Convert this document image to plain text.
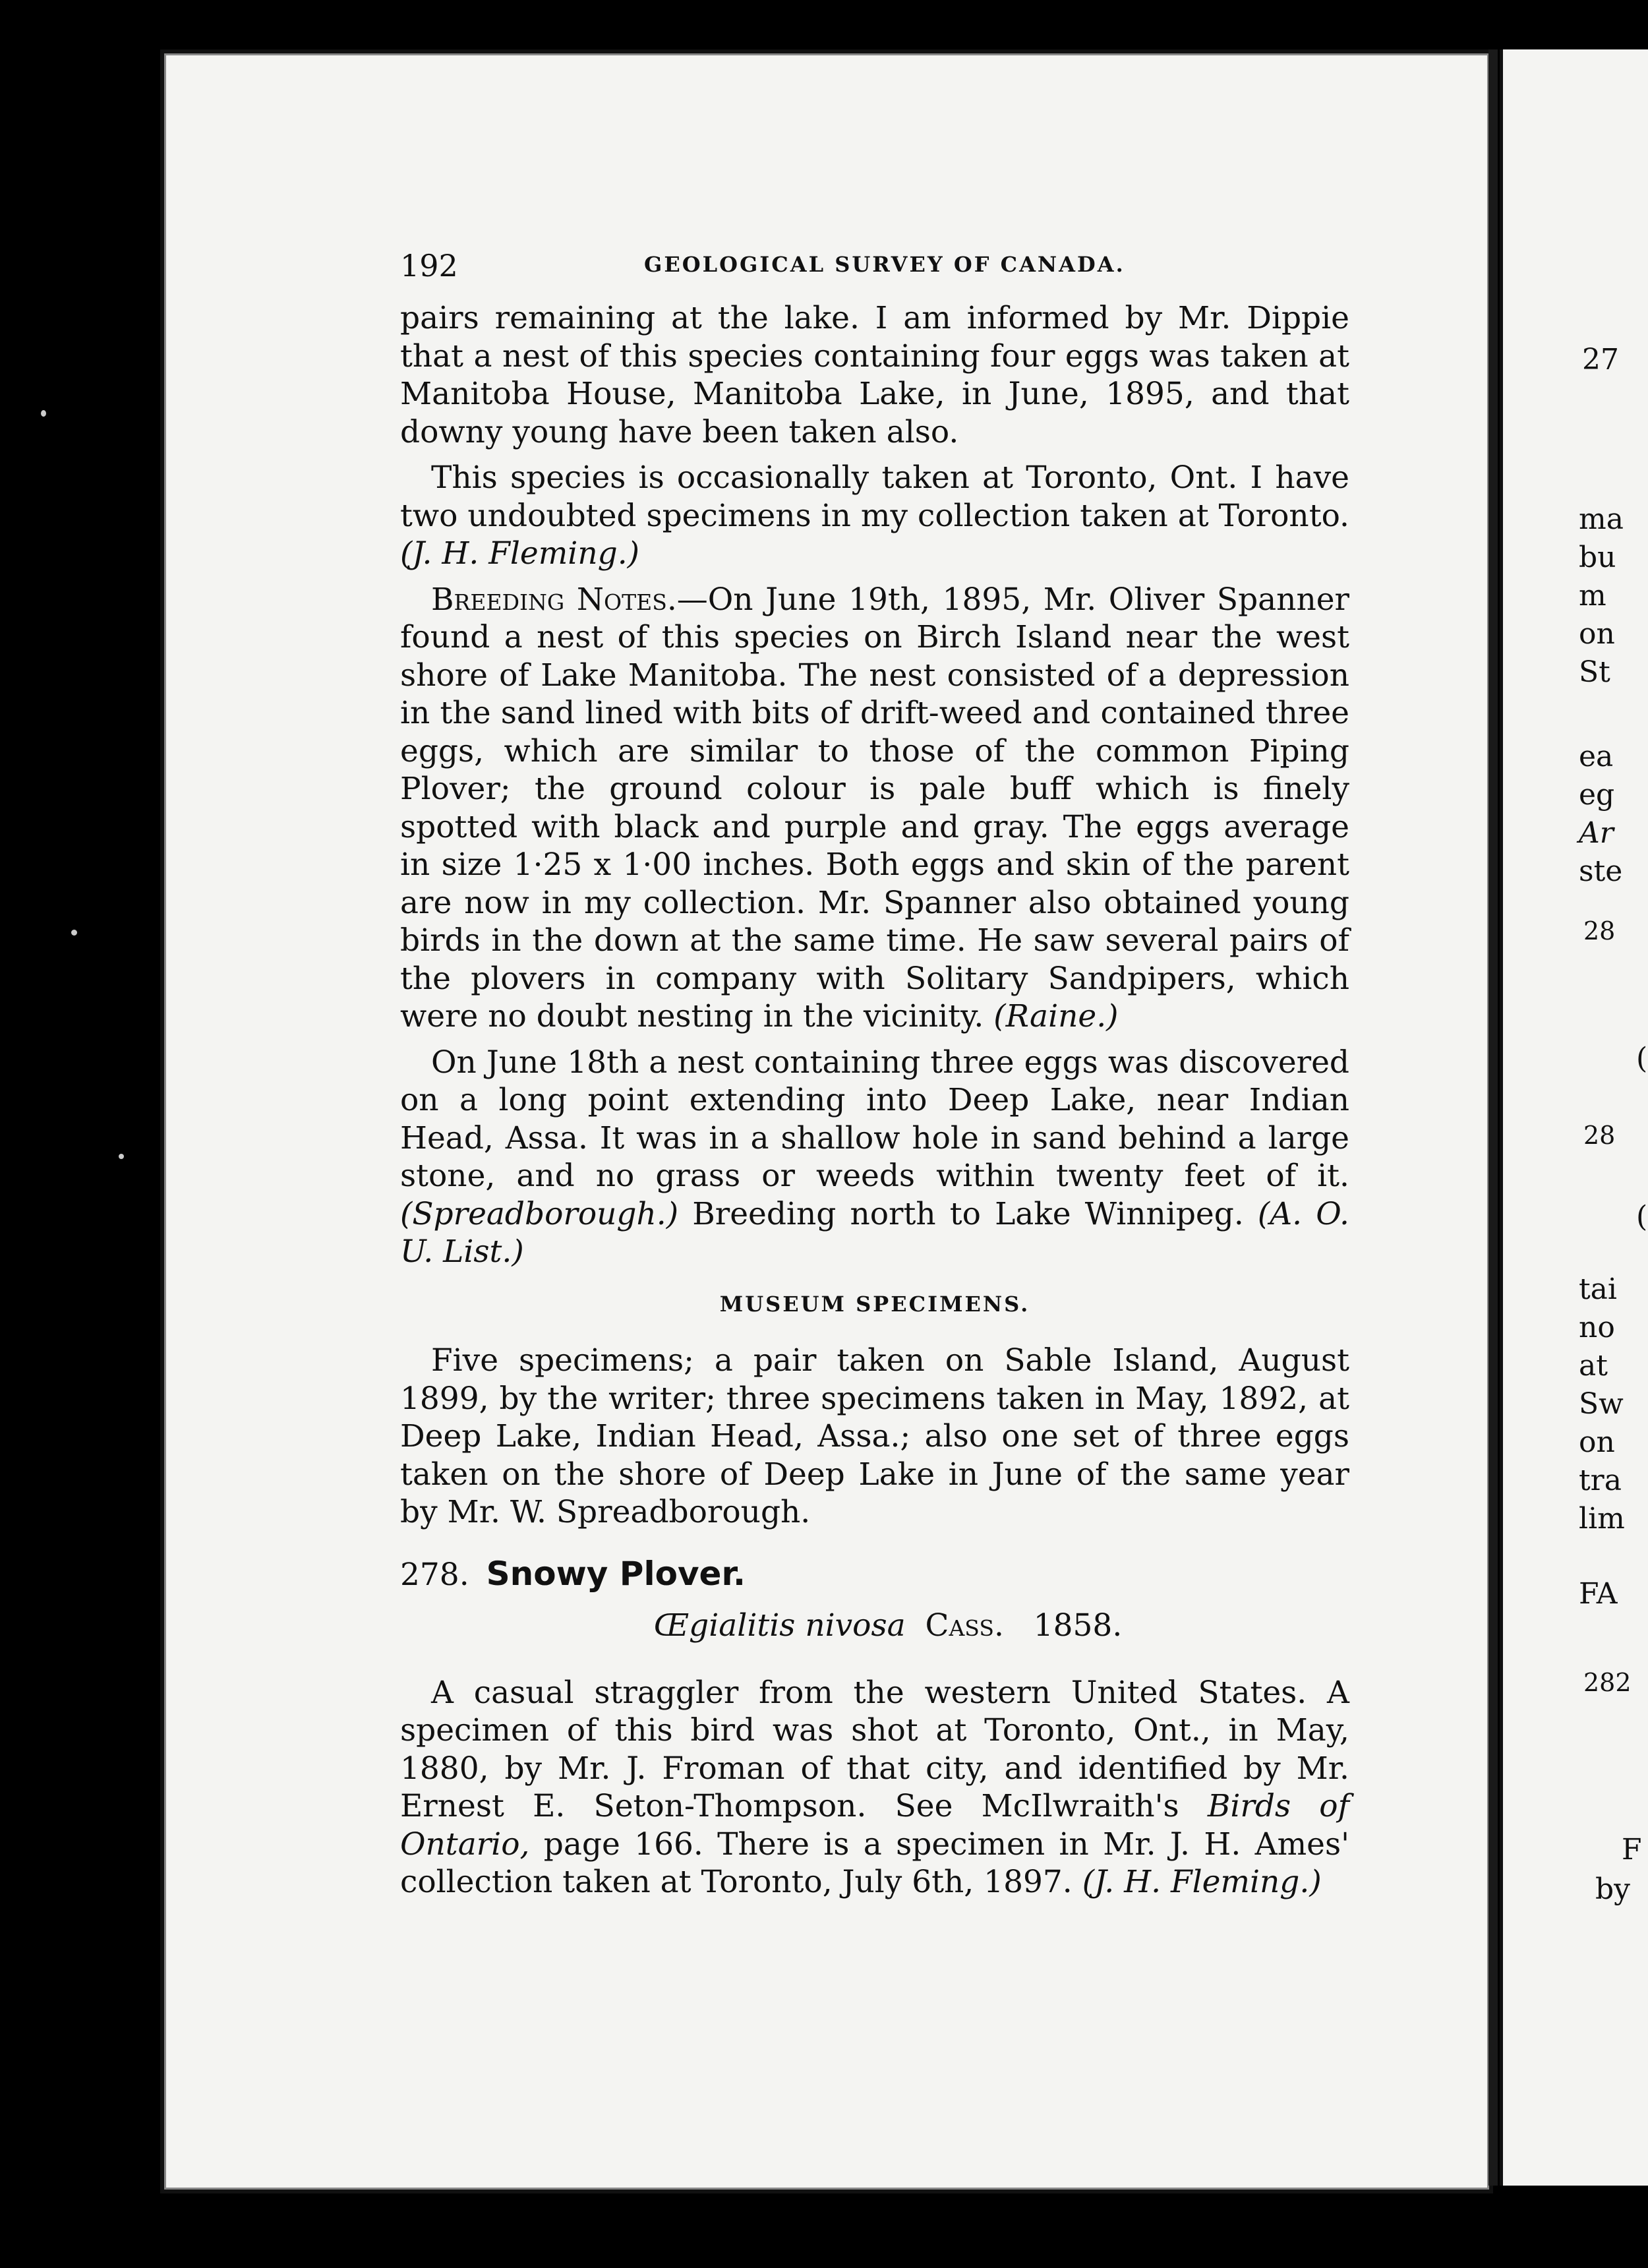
192	GEOLOGICAL SURVEY OF CANADA.

pairs remaining at the lake. I am informed by Mr. Dippie that a nest of this species containing four eggs was taken at Manitoba House, Manitoba Lake, in June, 1895, and that downy young have been taken also.

This species is occasionally taken at Toronto, Ont. I have two undoubted specimens in my collection taken at Toronto. (J. H. Fleming.)

Breeding Notes.—On June 19th, 1895, Mr. Oliver Spanner found a nest of this species on Birch Island near the west shore of Lake Manitoba. The nest consisted of a depression in the sand lined with bits of drift-weed and contained three eggs, which are similar to those of the common Piping Plover; the ground colour is pale buff which is finely spotted with black and purple and gray. The eggs average in size 1·25 x 1·00 inches. Both eggs and skin of the parent are now in my collection. Mr. Spanner also obtained young birds in the down at the same time. He saw several pairs of the plovers in company with Solitary Sandpipers, which were no doubt nesting in the vicinity. (Raine.)

On June 18th a nest containing three eggs was discovered on a long point extending into Deep Lake, near Indian Head, Assa. It was in a shallow hole in sand behind a large stone, and no grass or weeds within twenty feet of it. (Spreadborough.) Breeding north to Lake Winnipeg. (A. O. U. List.)

MUSEUM SPECIMENS.

Five specimens; a pair taken on Sable Island, August 1899, by the writer; three specimens taken in May, 1892, at Deep Lake, Indian Head, Assa.; also one set of three eggs taken on the shore of Deep Lake in June of the same year by Mr. W. Spreadborough.

278. Snowy Plover.
Œgialitis nivosa Cass. 1858.

A casual straggler from the western United States. A specimen of this bird was shot at Toronto, Ont., in May, 1880, by Mr. J. Froman of that city, and identified by Mr. Ernest E. Seton-Thompson. See McIlwraith's Birds of Ontario, page 166. There is a specimen in Mr. J. H. Ames' collection taken at Toronto, July 6th, 1897. (J. H. Fleming.)

27
ma
bu
m
on
St
ea
eg
Ar
ste
28
(
28
(
tai
no
at
Sw
on
tra
lim
FA
282
F
by
